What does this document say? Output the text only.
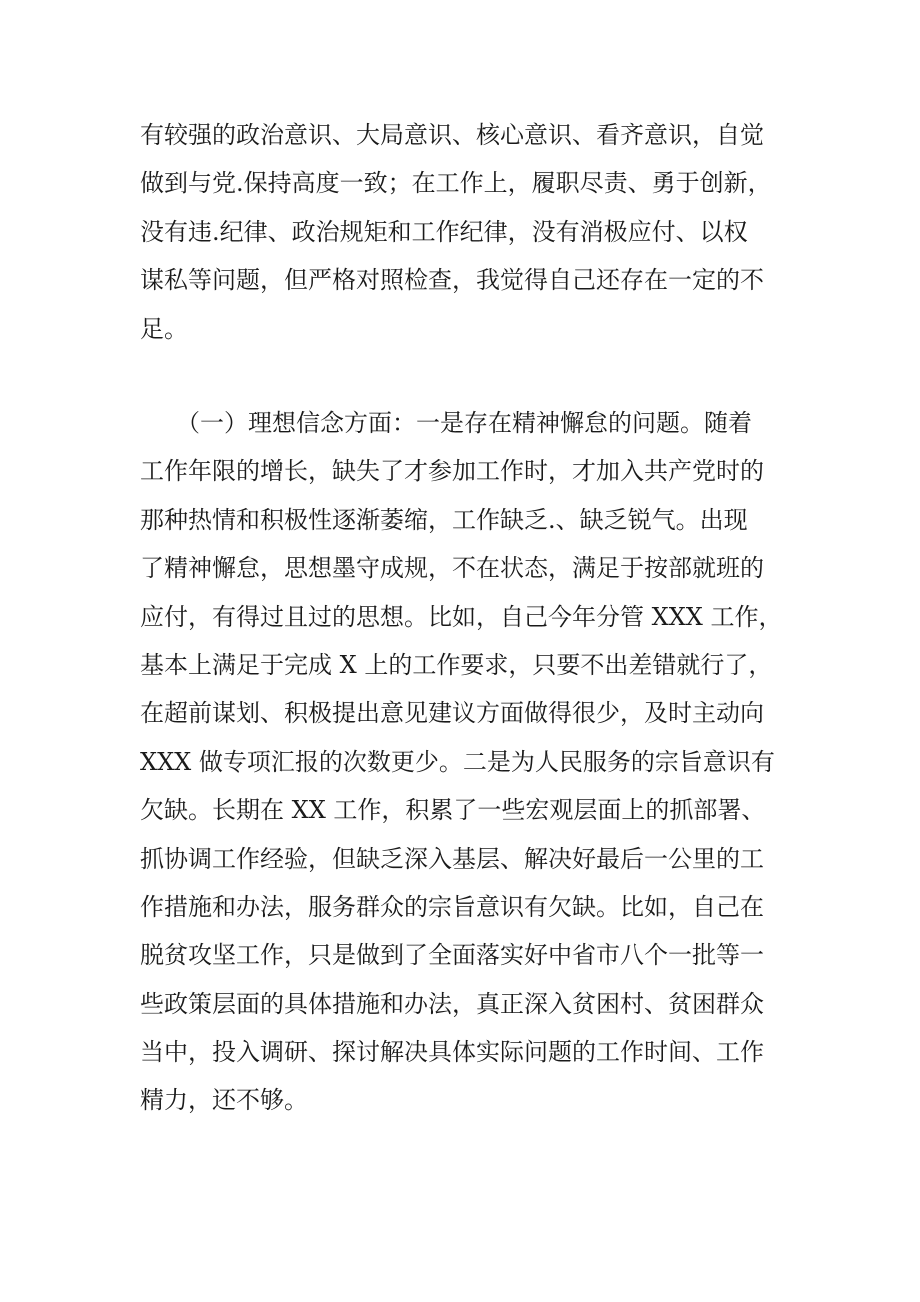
有较强的政治意识、大局意识、核心意识、看齐意识，自觉
做到与党.保持高度一致；在工作上，履职尽责、勇于创新，
没有违.纪律、政治规矩和工作纪律，没有消极应付、以权
谋私等问题，但严格对照检查，我觉得自己还存在一定的不
足。
　　（一）理想信念方面：一是存在精神懈怠的问题。随着
工作年限的增长，缺失了才参加工作时，才加入共产党时的
那种热情和积极性逐渐萎缩，工作缺乏.、缺乏锐气。出现
了精神懈怠，思想墨守成规，不在状态，满足于按部就班的
应付，有得过且过的思想。比如，自己今年分管 XXX 工作，
基本上满足于完成 X 上的工作要求，只要不出差错就行了，
在超前谋划、积极提出意见建议方面做得很少，及时主动向
XXX 做专项汇报的次数更少。二是为人民服务的宗旨意识有
欠缺。长期在 XX 工作，积累了一些宏观层面上的抓部署、
抓协调工作经验，但缺乏深入基层、解决好最后一公里的工
作措施和办法，服务群众的宗旨意识有欠缺。比如，自己在
脱贫攻坚工作，只是做到了全面落实好中省市八个一批等一
些政策层面的具体措施和办法，真正深入贫困村、贫困群众
当中，投入调研、探讨解决具体实际问题的工作时间、工作
精力，还不够。
